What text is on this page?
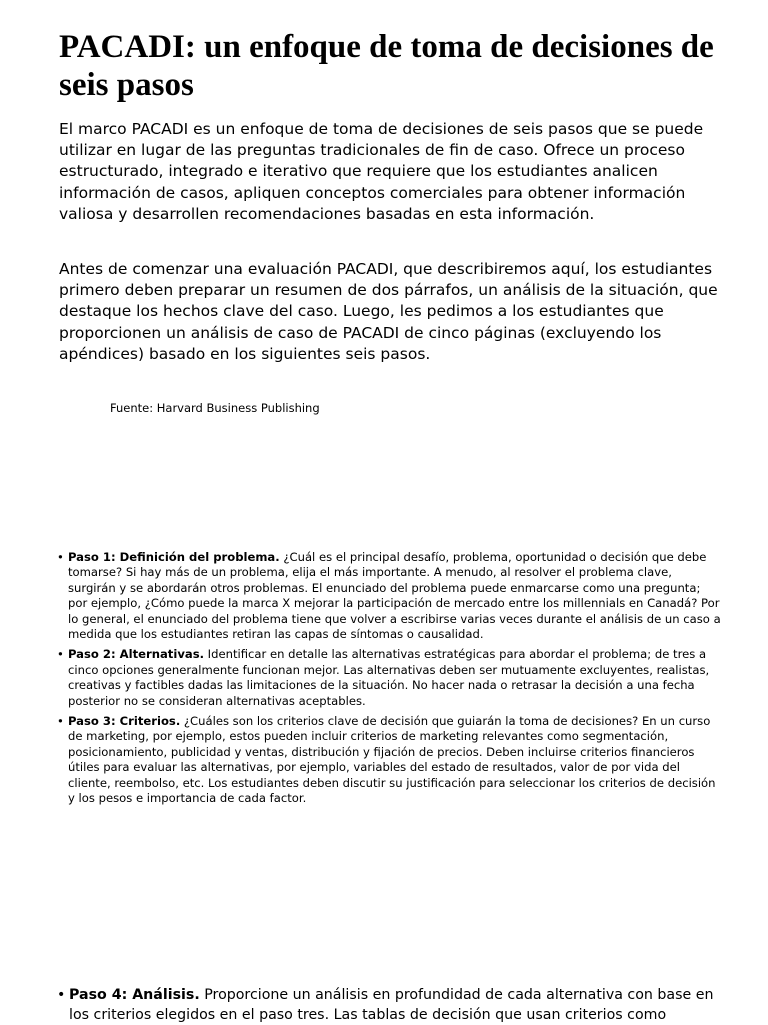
PACADI: un enfoque de toma de decisiones de seis pasos

El marco PACADI es un enfoque de toma de decisiones de seis pasos que se puede utilizar en lugar de las preguntas tradicionales de fin de caso. Ofrece un proceso estructurado, integrado e iterativo que requiere que los estudiantes analicen información de casos, apliquen conceptos comerciales para obtener información valiosa y desarrollen recomendaciones basadas en esta información.

Antes de comenzar una evaluación PACADI, que describiremos aquí, los estudiantes primero deben preparar un resumen de dos párrafos, un análisis de la situación, que destaque los hechos clave del caso. Luego, les pedimos a los estudiantes que proporcionen un análisis de caso de PACADI de cinco páginas (excluyendo los apéndices) basado en los siguientes seis pasos.

Fuente: Harvard Business Publishing

• Paso 1: Definición del problema. ¿Cuál es el principal desafío, problema, oportunidad o decisión que debe tomarse? Si hay más de un problema, elija el más importante. A menudo, al resolver el problema clave, surgirán y se abordarán otros problemas. El enunciado del problema puede enmarcarse como una pregunta; por ejemplo, ¿Cómo puede la marca X mejorar la participación de mercado entre los millennials en Canadá? Por lo general, el enunciado del problema tiene que volver a escribirse varias veces durante el análisis de un caso a medida que los estudiantes retiran las capas de síntomas o causalidad.
• Paso 2: Alternativas. Identificar en detalle las alternativas estratégicas para abordar el problema; de tres a cinco opciones generalmente funcionan mejor. Las alternativas deben ser mutuamente excluyentes, realistas, creativas y factibles dadas las limitaciones de la situación. No hacer nada o retrasar la decisión a una fecha posterior no se consideran alternativas aceptables.
• Paso 3: Criterios. ¿Cuáles son los criterios clave de decisión que guiarán la toma de decisiones? En un curso de marketing, por ejemplo, estos pueden incluir criterios de marketing relevantes como segmentación, posicionamiento, publicidad y ventas, distribución y fijación de precios. Deben incluirse criterios financieros útiles para evaluar las alternativas, por ejemplo, variables del estado de resultados, valor de por vida del cliente, reembolso, etc. Los estudiantes deben discutir su justificación para seleccionar los criterios de decisión y los pesos e importancia de cada factor.
• Paso 4: Análisis. Proporcione un análisis en profundidad de cada alternativa con base en los criterios elegidos en el paso tres. Las tablas de decisión que usan criterios como
